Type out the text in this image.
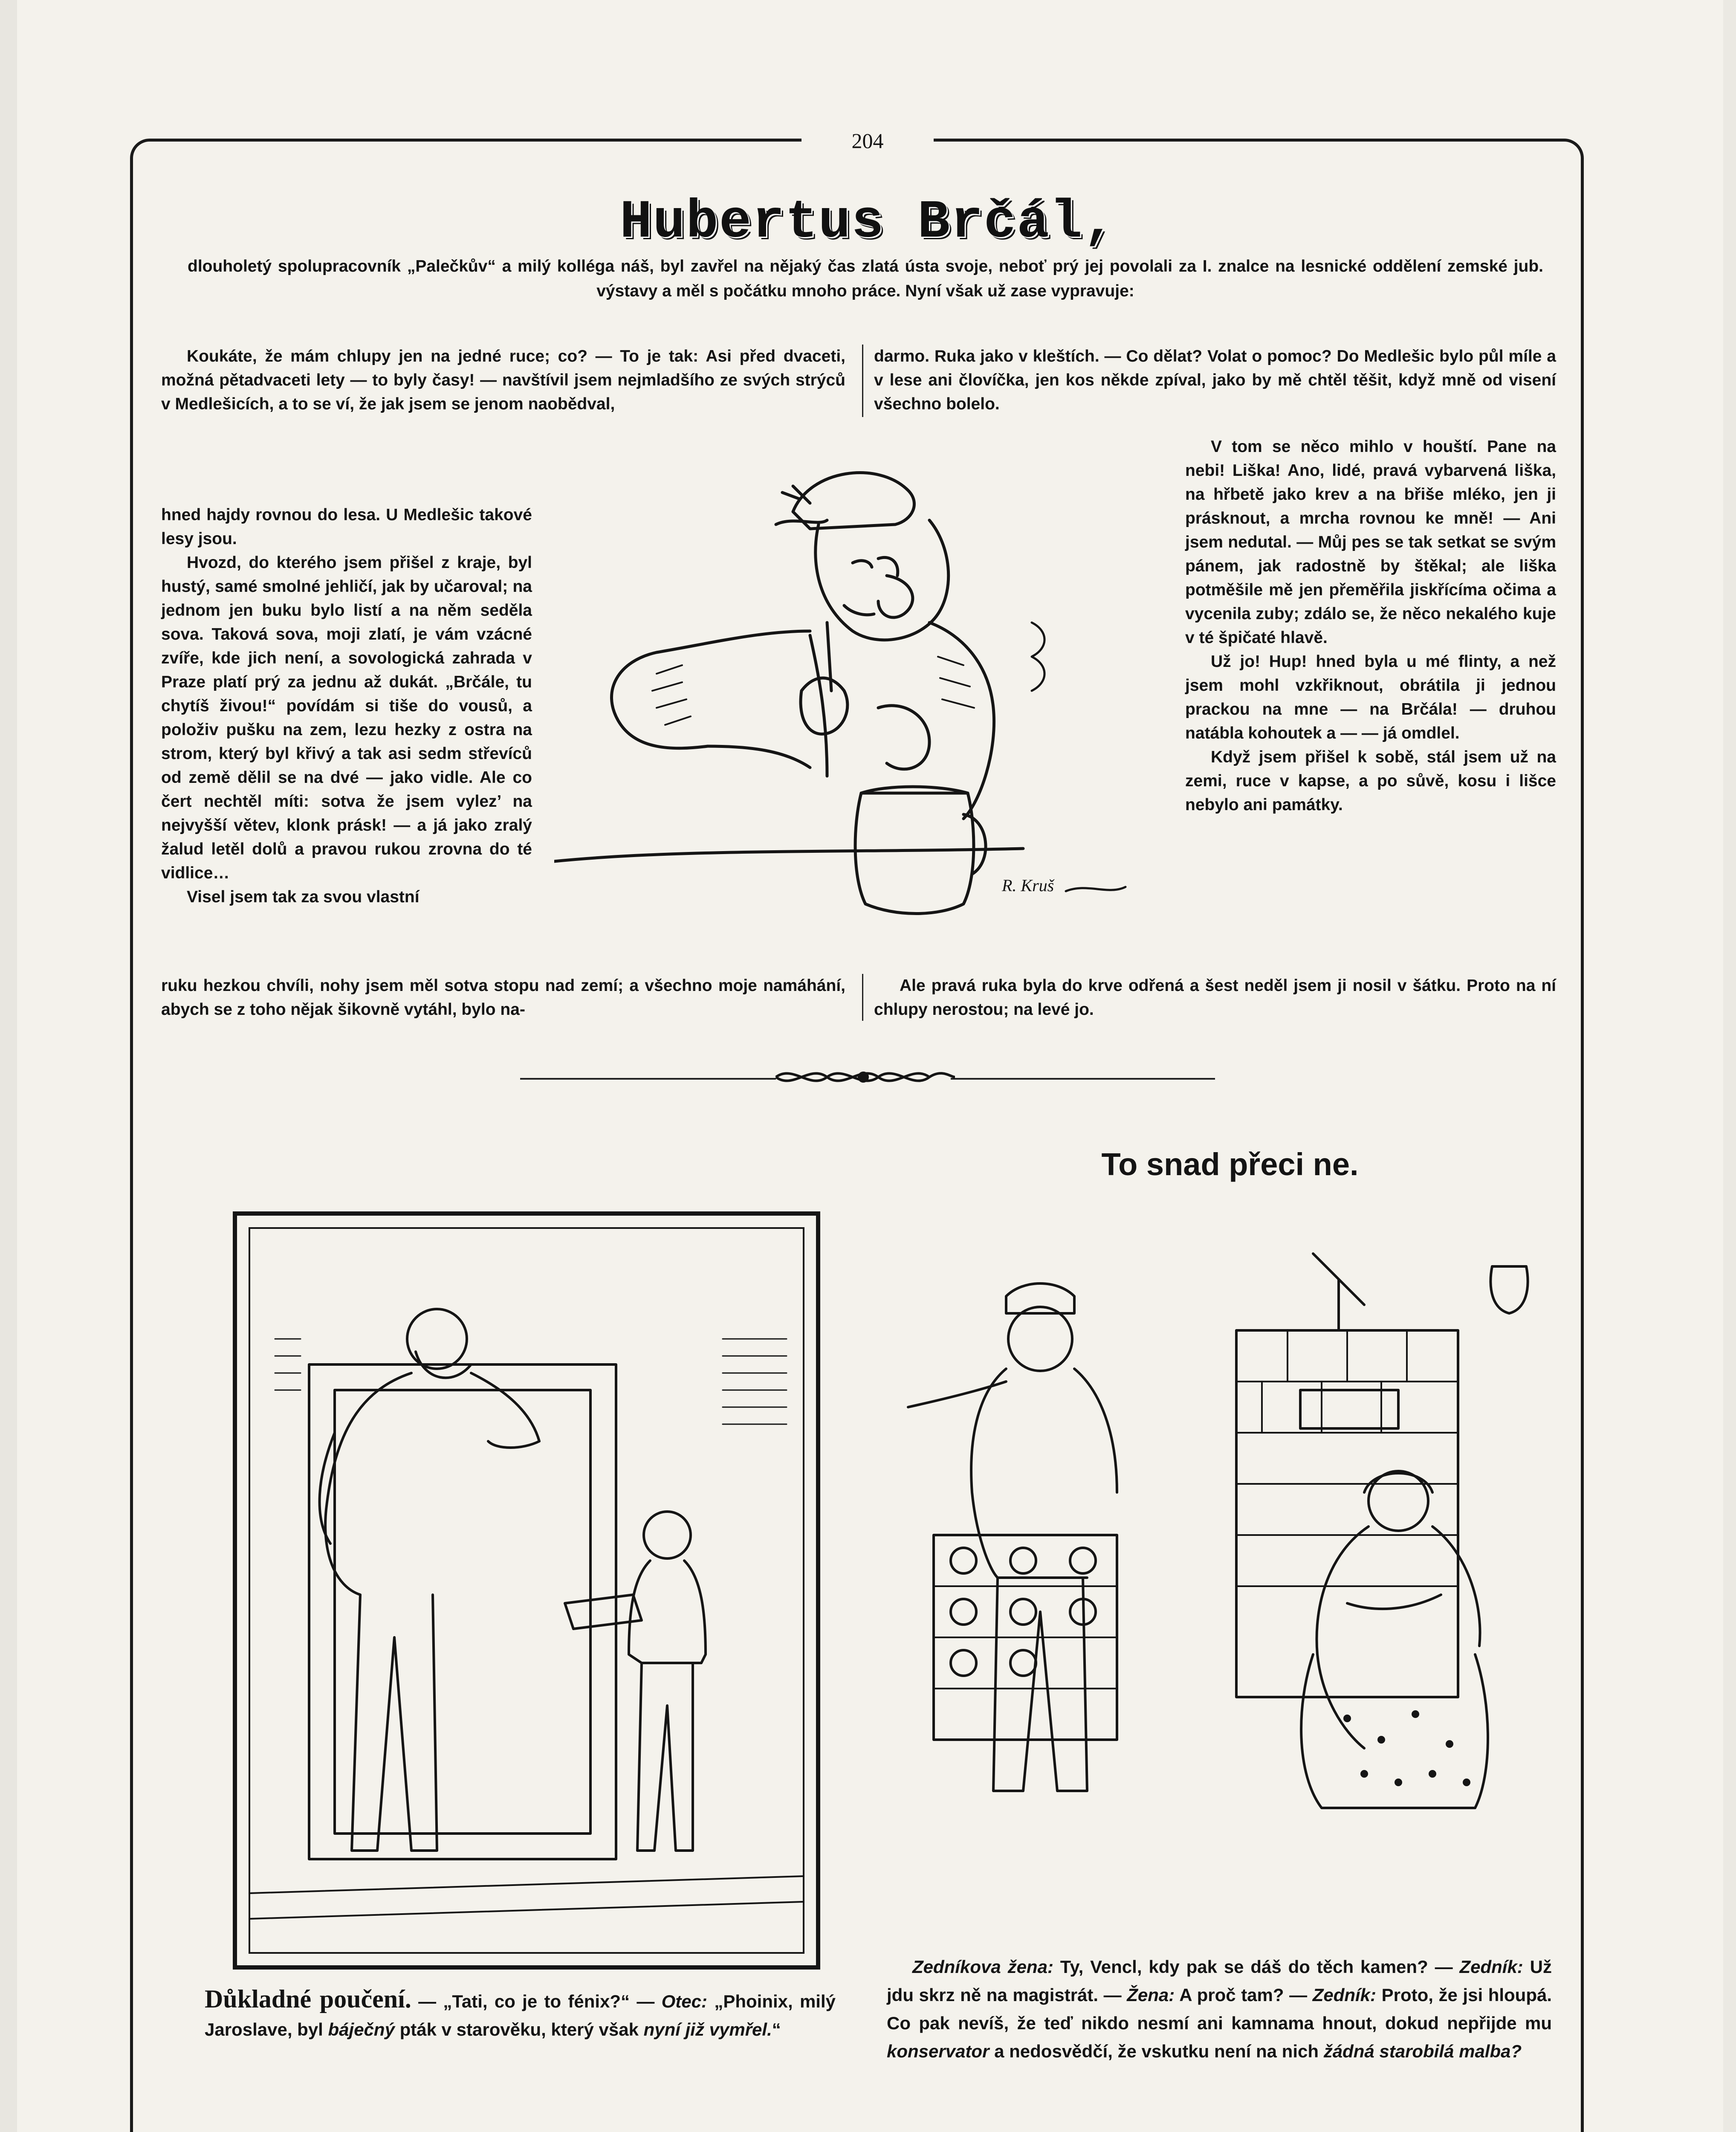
204
Hubertus Brčál,
dlouholetý spolupracovník „Palečkův“ a milý kolléga náš, byl zavřel na nějaký čas zlatá ústa svoje, neboť prý jej povolali za I. znalce na lesnické oddělení zemské jub. výstavy a měl s počátku mnoho práce. Nyní však už zase vypravuje:

Koukáte, že mám chlupy jen na jedné ruce; co? — To je tak: Asi před dvaceti, možná pětadvaceti lety — to byly časy! — navštívil jsem nejmladšího ze svých strýců v Medlešicích, a to se ví, že jak jsem se jenom naobědval,

hned hajdy rovnou do lesa. U Medlešic takové lesy jsou.

Hvozd, do kterého jsem přišel z kraje, byl hustý, samé smolné jehličí, jak by učaroval; na jednom jen buku bylo listí a na něm seděla sova. Taková sova, moji zlatí, je vám vzácné zvíře, kde jich není, a sovologická zahrada v Praze platí prý za jednu až dukát. „Brčále, tu chytíš živou!“ povídám si tiše do vousů, a položiv pušku na zem, lezu hezky z ostra na strom, který byl křivý a tak asi sedm střevíců od země dělil se na dvé — jako vidle. Ale co čert nechtěl míti: sotva že jsem vylez’ na nejvyšší větev, klonk prásk! — a já jako zralý žalud letěl dolů a pravou rukou zrovna do té vidlice…

Visel jsem tak za svou vlastní

darmo. Ruka jako v kleštích. — Co dělat? Volat o pomoc? Do Medlešic bylo půl míle a v lese ani človíčka, jen kos někde zpíval, jako by mě chtěl těšit, když mně od visení všechno bolelo.

V tom se něco mihlo v houští. Pane na nebi! Liška! Ano, lidé, pravá vybarvená liška, na hřbetě jako krev a na břiše mléko, jen ji prásknout, a mrcha rovnou ke mně! — Ani jsem nedutal. — Můj pes se tak setkat se svým pánem, jak radostně by štěkal; ale liška potměšile mě jen přeměřila jiskřícíma očima a vycenila zuby; zdálo se, že něco nekalého kuje v té špičaté hlavě.

Už jo! Hup! hned byla u mé flinty, a než jsem mohl vzkřiknout, obrátila ji jednou prackou na mne — na Brčála! — druhou natábla kohoutek a — — já omdlel.

Když jsem přišel k sobě, stál jsem už na zemi, ruce v kapse, a po sůvě, kosu i lišce nebylo ani památky.

ruku hezkou chvíli, nohy jsem měl sotva stopu nad zemí; a všechno moje namáhání, abych se z toho nějak šikovně vytáhl, bylo na-

Ale pravá ruka byla do krve odřená a šest neděl jsem ji nosil v šátku. Proto na ní chlupy nerostou; na levé jo.

R. Kruš
To snad přeci ne.

Důkladné poučení. — „Tati, co je to fénix?“ — Otec: „Phoinix, milý Jaroslave, byl báječný pták v starověku, který však nyní již vymřel.“

Zedníkova žena: Ty, Vencl, kdy pak se dáš do těch kamen? — Zedník: Už jdu skrz ně na magistrát. — Žena: A proč tam? — Zedník: Proto, že jsi hloupá. Co pak nevíš, že teď nikdo nesmí ani kamnama hnout, dokud nepřijde mu konservator a nedosvědčí, že vskutku není na nich žádná starobilá malba?
